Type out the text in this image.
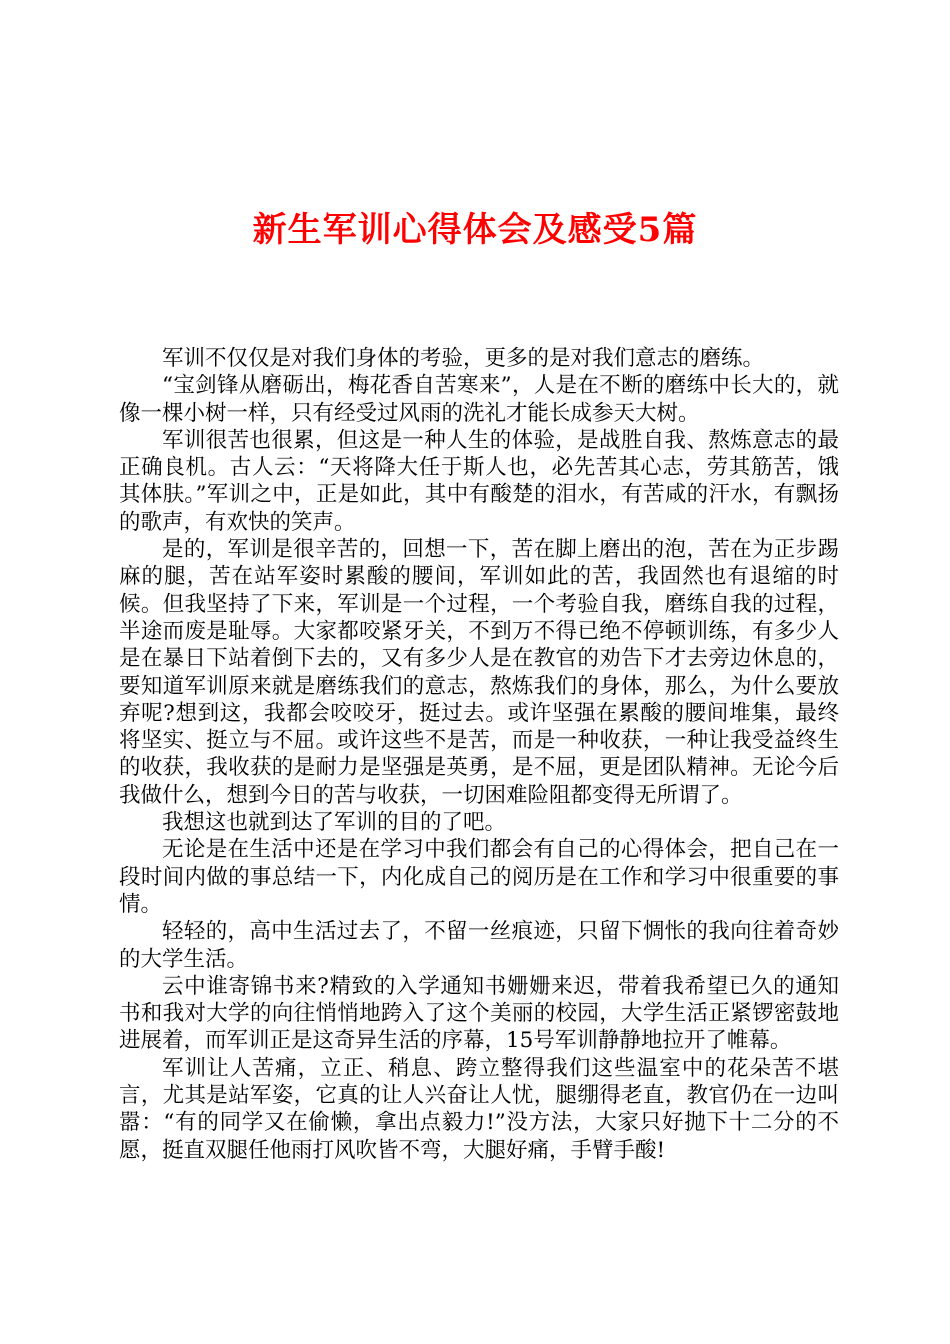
新生军训心得体会及感受5篇

军训不仅仅是对我们身体的考验，更多的是对我们意志的磨练。

“宝剑锋从磨砺出，梅花香自苦寒来”，人是在不断的磨练中长大的，就像一棵小树一样，只有经受过风雨的洗礼才能长成参天大树。

军训很苦也很累，但这是一种人生的体验，是战胜自我、熬炼意志的最正确良机。古人云：“天将降大任于斯人也，必先苦其心志，劳其筋苦，饿其体肤。”军训之中，正是如此，其中有酸楚的泪水，有苦咸的汗水，有飘扬的歌声，有欢快的笑声。

是的，军训是很辛苦的，回想一下，苦在脚上磨出的泡，苦在为正步踢麻的腿，苦在站军姿时累酸的腰间，军训如此的苦，我固然也有退缩的时候。但我坚持了下来，军训是一个过程，一个考验自我，磨练自我的过程，半途而废是耻辱。大家都咬紧牙关，不到万不得已绝不停顿训练，有多少人是在暴日下站着倒下去的，又有多少人是在教官的劝告下才去旁边休息的，要知道军训原来就是磨练我们的意志，熬炼我们的身体，那么，为什么要放弃呢?想到这，我都会咬咬牙，挺过去。或许坚强在累酸的腰间堆集，最终将坚实、挺立与不屈。或许这些不是苦，而是一种收获，一种让我受益终生的收获，我收获的是耐力是坚强是英勇，是不屈，更是团队精神。无论今后我做什么，想到今日的苦与收获，一切困难险阻都变得无所谓了。

我想这也就到达了军训的目的了吧。

无论是在生活中还是在学习中我们都会有自己的心得体会，把自己在一段时间内做的事总结一下，内化成自己的阅历是在工作和学习中很重要的事情。

轻轻的，高中生活过去了，不留一丝痕迹，只留下惆怅的我向往着奇妙的大学生活。

云中谁寄锦书来?精致的入学通知书姗姗来迟，带着我希望已久的通知书和我对大学的向往悄悄地跨入了这个美丽的校园，大学生活正紧锣密鼓地进展着，而军训正是这奇异生活的序幕，15号军训静静地拉开了帷幕。

军训让人苦痛，立正、稍息、跨立整得我们这些温室中的花朵苦不堪言，尤其是站军姿，它真的让人兴奋让人忧，腿绷得老直，教官仍在一边叫嚣：“有的同学又在偷懒，拿出点毅力!”没方法，大家只好抛下十二分的不愿，挺直双腿任他雨打风吹皆不弯，大腿好痛，手臂手酸!
